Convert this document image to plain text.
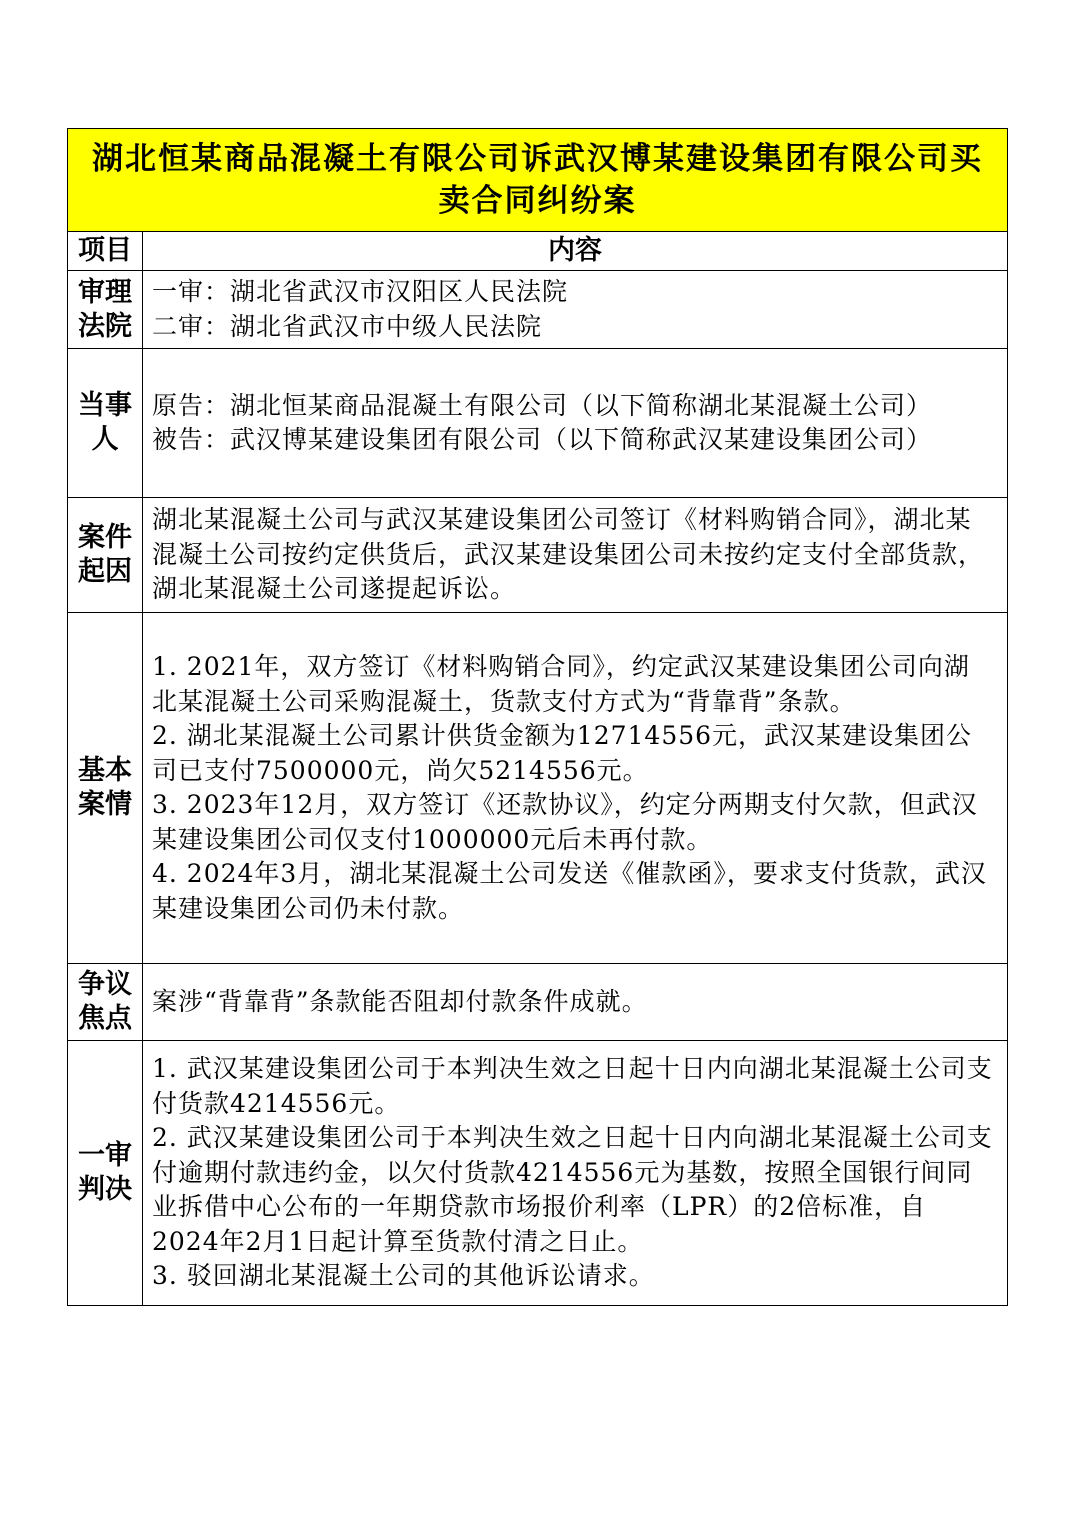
湖北恒某商品混凝土有限公司诉武汉博某建设集团有限公司买卖合同纠纷案	
项目	内容
审理法院	一审：湖北省武汉市汉阳区人民法院

二审：湖北省武汉市中级人民法院

当事人	原告：湖北恒某商品混凝土有限公司（以下简称湖北某混凝土公司）

被告：武汉博某建设集团有限公司（以下简称武汉某建设集团公司）

案件起因	湖北某混凝土公司与武汉某建设集团公司签订《材料购销合同》，湖北某混凝土公司按约定供货后，武汉某建设集团公司未按约定支付全部货款，湖北某混凝土公司遂提起诉讼。

基本案情	1. 2021年，双方签订《材料购销合同》，约定武汉某建设集团公司向湖北某混凝土公司采购混凝土，货款支付方式为“背靠背”条款。

2. 湖北某混凝土公司累计供货金额为12714556元，武汉某建设集团公司已支付7500000元，尚欠5214556元。

3. 2023年12月，双方签订《还款协议》，约定分两期支付欠款，但武汉某建设集团公司仅支付1000000元后未再付款。

4. 2024年3月，湖北某混凝土公司发送《催款函》，要求支付货款，武汉某建设集团公司仍未付款。

争议焦点	案涉“背靠背”条款能否阻却付款条件成就。

一审判决	1. 武汉某建设集团公司于本判决生效之日起十日内向湖北某混凝土公司支付货款4214556元。

2. 武汉某建设集团公司于本判决生效之日起十日内向湖北某混凝土公司支付逾期付款违约金，以欠付货款4214556元为基数，按照全国银行间同业拆借中心公布的一年期贷款市场报价利率（LPR）的2倍标准，自2024年2月1日起计算至货款付清之日止。

3. 驳回湖北某混凝土公司的其他诉讼请求。
